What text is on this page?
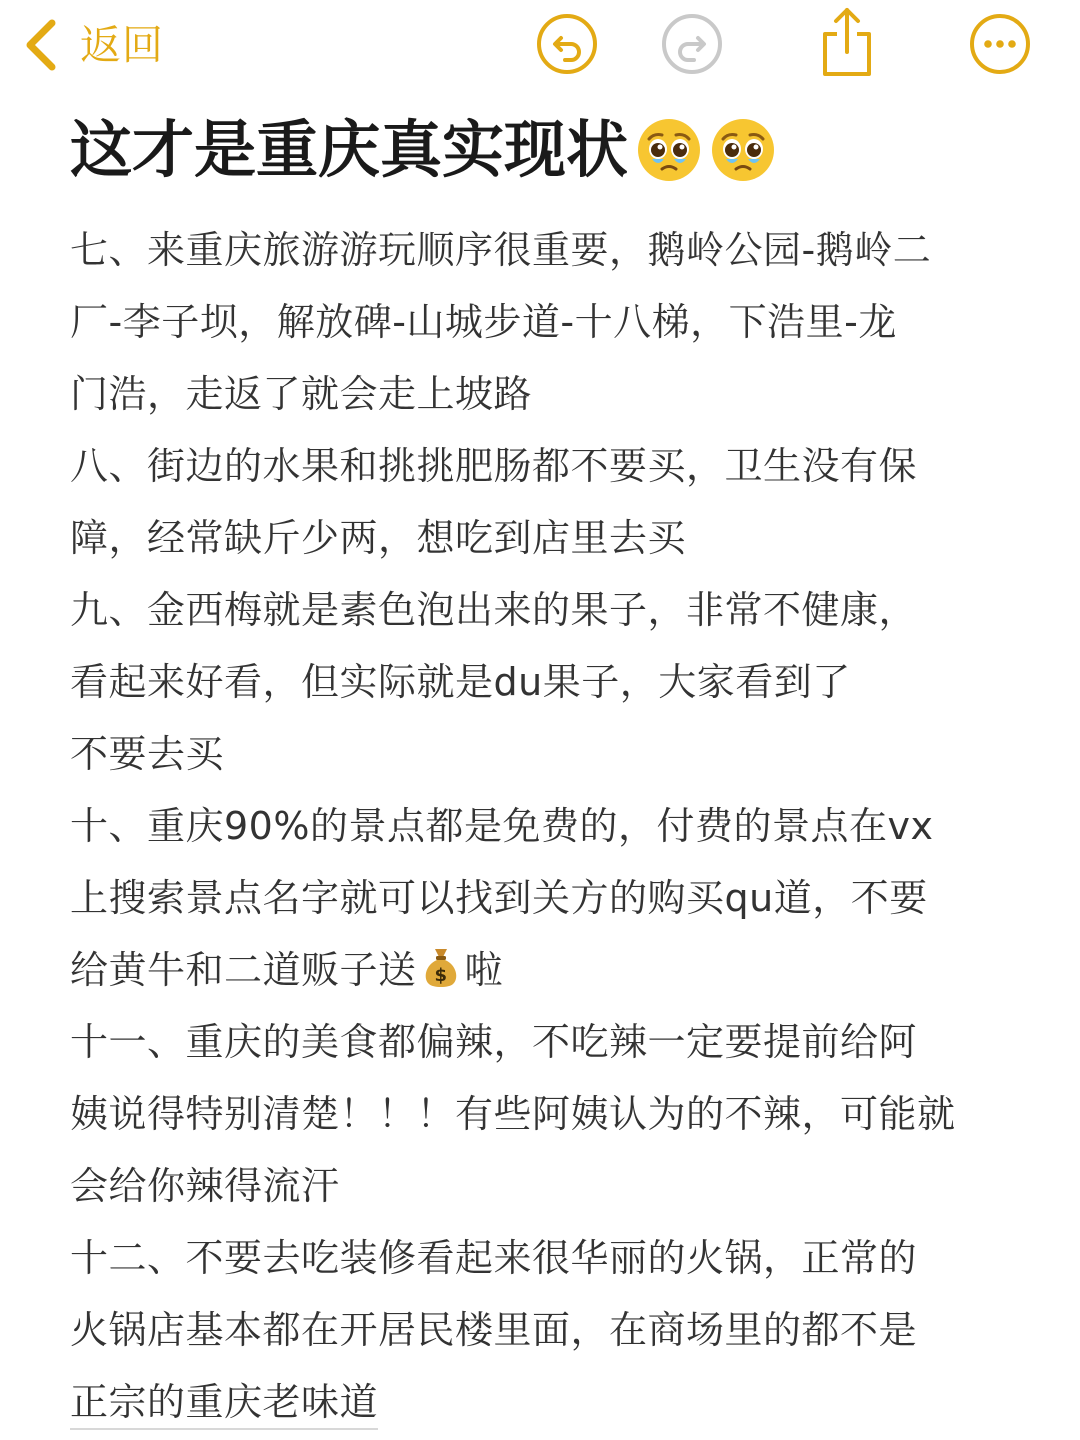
返回
这才是重庆真实现状
七、来重庆旅游游玩顺序很重要，鹅岭公园-鹅岭二
厂-李子坝，解放碑-山城步道-十八梯，下浩里-龙
门浩，走返了就会走上坡路
八、街边的水果和挑挑肥肠都不要买，卫生没有保
障，经常缺斤少两，想吃到店里去买
九、金西梅就是素色泡出来的果子，非常不健康，
看起来好看，但实际就是du果子，大家看到了
不要去买
十、重庆90%的景点都是免费的，付费的景点在vx
上搜索景点名字就可以找到关方的购买qu道，不要
给黄牛和二道贩子送 $ 啦
十一、重庆的美食都偏辣，不吃辣一定要提前给阿
姨说得特别清楚！！！有些阿姨认为的不辣，可能就
会给你辣得流汗
十二、不要去吃装修看起来很华丽的火锅，正常的
火锅店基本都在开居民楼里面，在商场里的都不是
正宗的重庆老味道
